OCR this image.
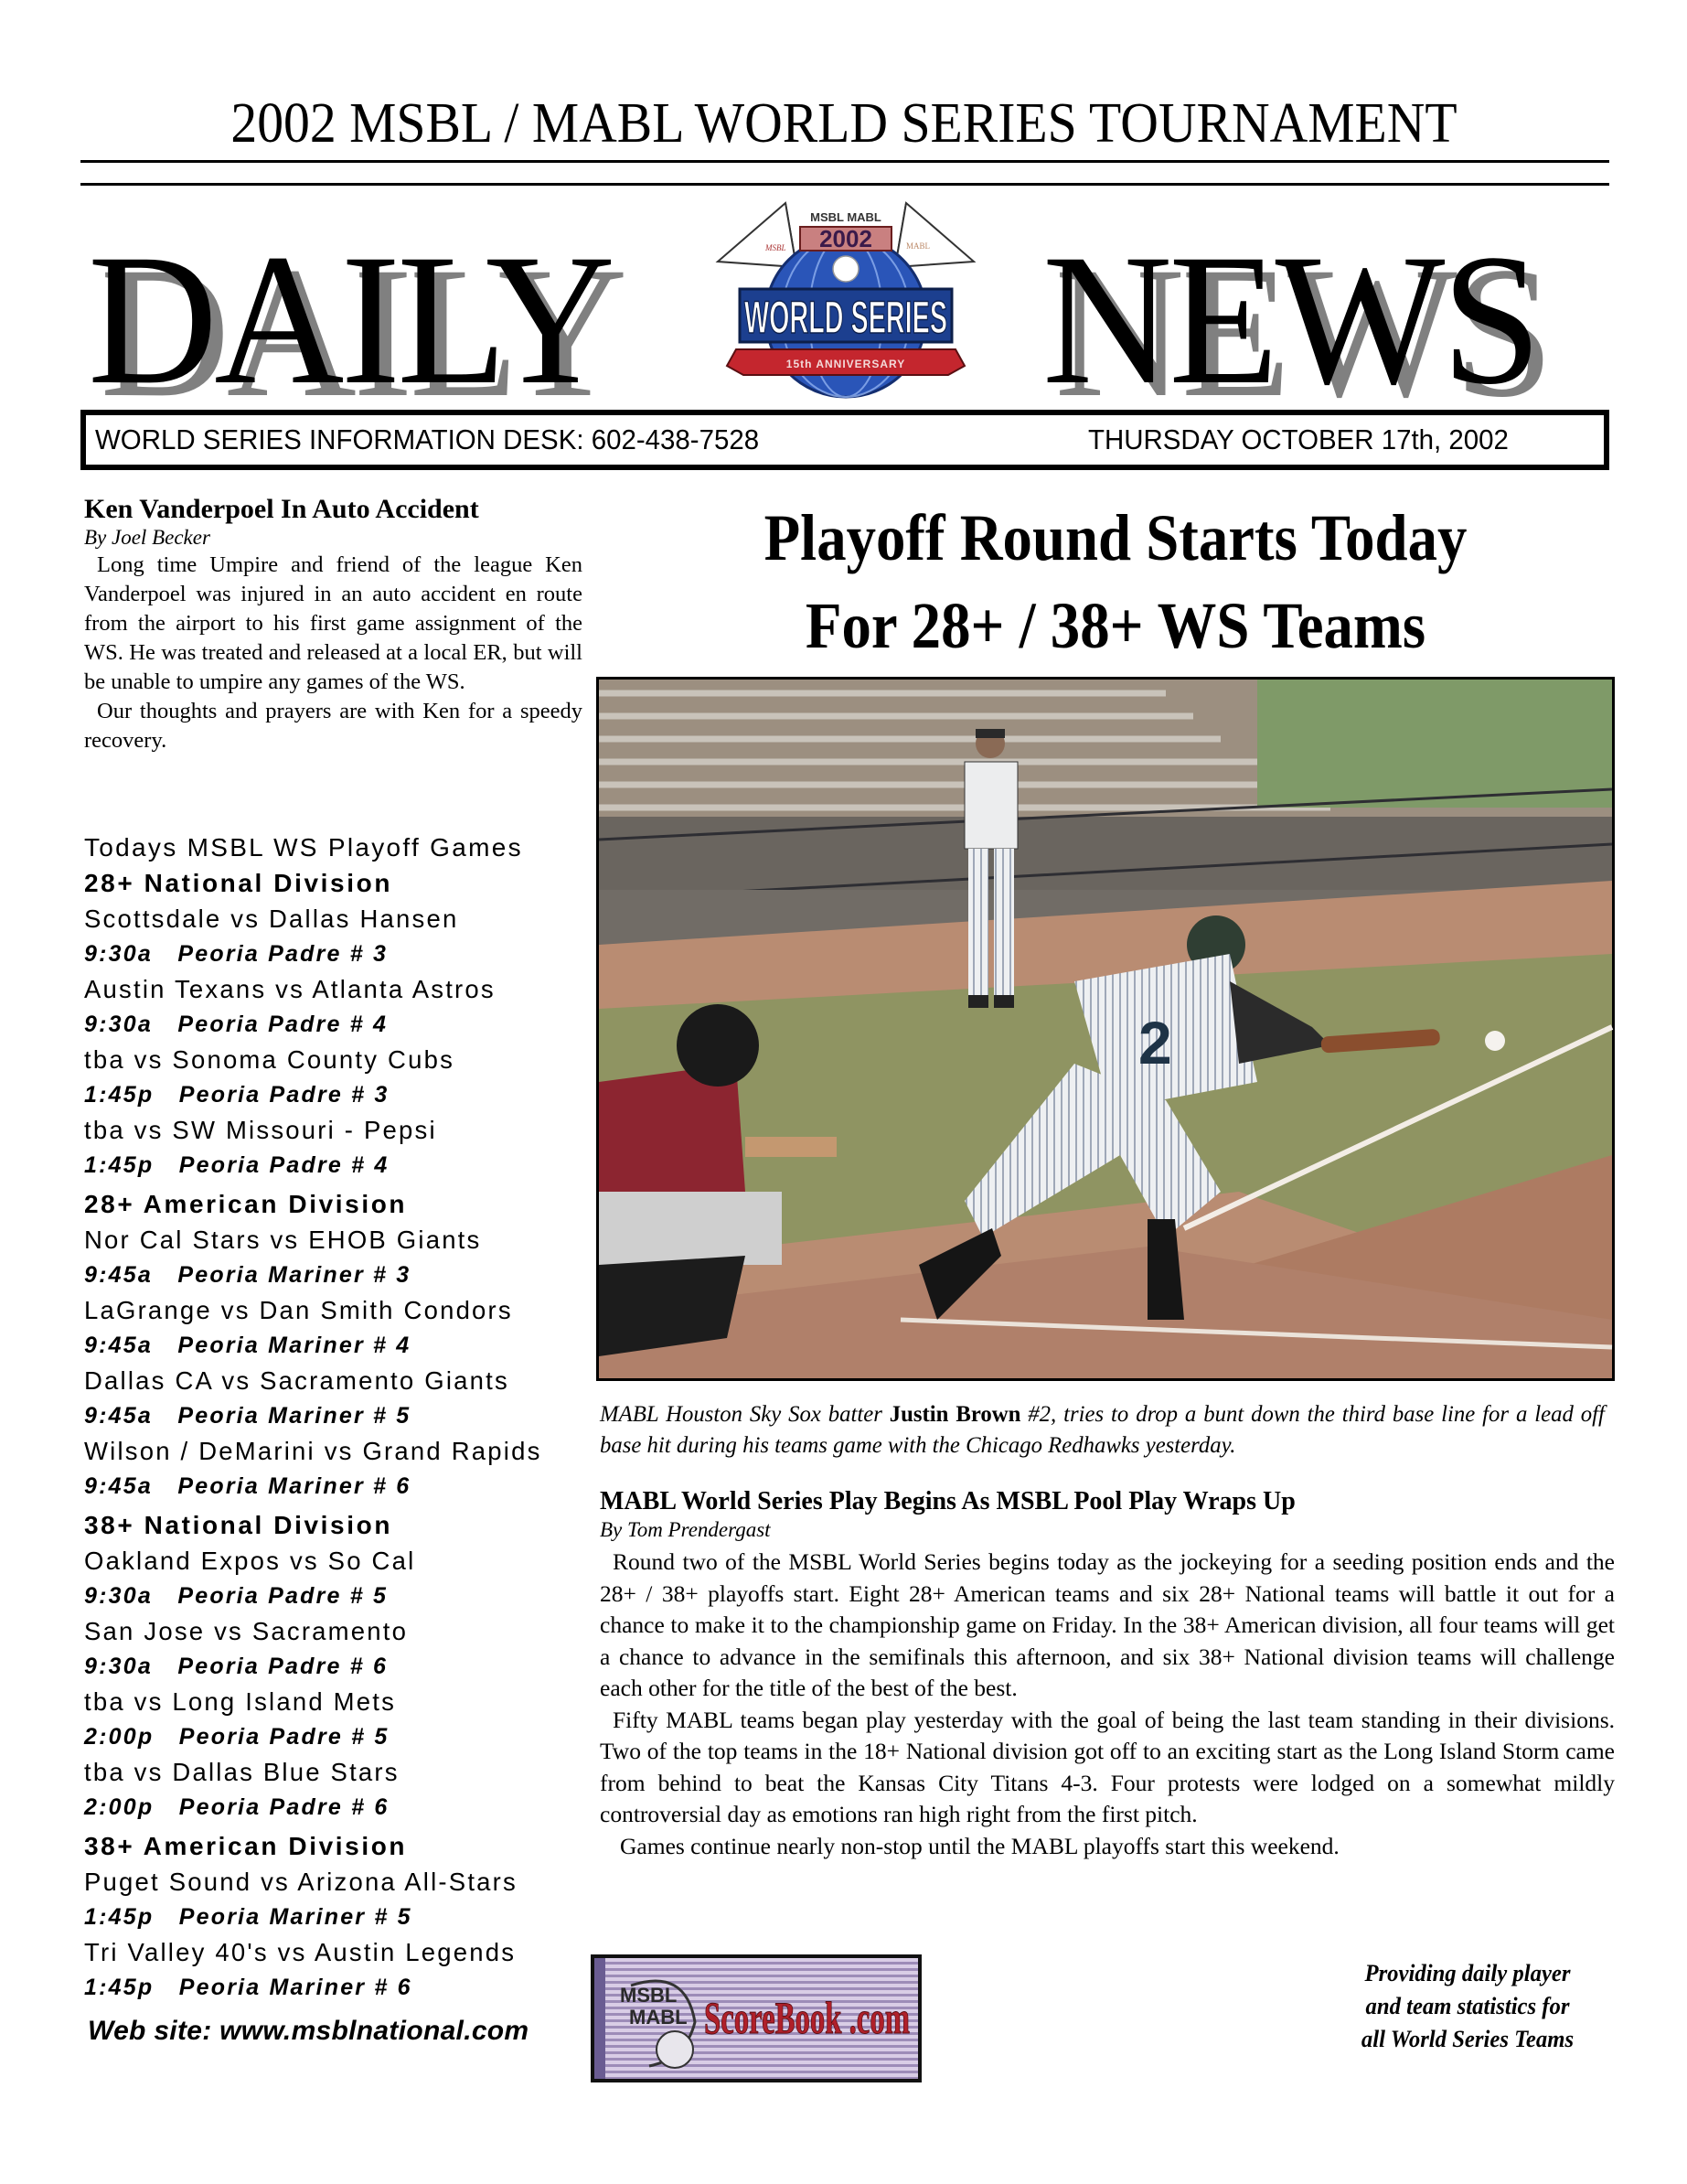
2002 MSBL / MABL WORLD SERIES TOURNAMENT
DAILY NEWS
MSBL	MABL
MSBL MABL
2002
WORLD SERIES
15th ANNIVERSARY
WORLD SERIES INFORMATION DESK: 602-438-7528	THURSDAY OCTOBER 17th, 2002
Ken Vanderpoel In Auto Accident
By Joel Becker

Long time Umpire and friend of the league Ken Vanderpoel was injured in an auto accident en route from the airport to his first game assignment of the WS. He was treated and released at a local ER, but will be unable to umpire any games of the WS.

Our thoughts and prayers are with Ken for a speedy recovery.

Todays MSBL WS Playoff Games
28+ National Division
Scottsdale vs Dallas Hansen
9:30a Peoria Padre # 3
Austin Texans vs Atlanta Astros
9:30a Peoria Padre # 4
tba vs Sonoma County Cubs
1:45p Peoria Padre # 3
tba vs SW Missouri - Pepsi
1:45p Peoria Padre # 4
28+ American Division
Nor Cal Stars vs EHOB Giants
9:45a Peoria Mariner # 3
LaGrange vs Dan Smith Condors
9:45a Peoria Mariner # 4
Dallas CA vs Sacramento Giants
9:45a Peoria Mariner # 5
Wilson / DeMarini vs Grand Rapids
9:45a Peoria Mariner # 6
38+ National Division
Oakland Expos vs So Cal
9:30a Peoria Padre # 5
San Jose vs Sacramento
9:30a Peoria Padre # 6
tba vs Long Island Mets
2:00p Peoria Padre # 5
tba vs Dallas Blue Stars
2:00p Peoria Padre # 6
38+ American Division
Puget Sound vs Arizona All-Stars
1:45p Peoria Mariner # 5
Tri Valley 40's vs Austin Legends
1:45p Peoria Mariner # 6
Web site: www.msblnational.com
Playoff Round Starts Today
For 28+ / 38+ WS Teams
2
MABL Houston Sky Sox batter Justin Brown #2, tries to drop a bunt down the third base line for a lead off base hit during his teams game with the Chicago Redhawks yesterday.
MABL World Series Play Begins As MSBL Pool Play Wraps Up
By Tom Prendergast

Round two of the MSBL World Series begins today as the jockeying for a seeding position ends and the 28+ / 38+ playoffs start. Eight 28+ American teams and six 28+ National teams will battle it out for a chance to make it to the championship game on Friday. In the 38+ American division, all four teams will get a chance to advance in the semifinals this afternoon, and six 38+ National division teams will challenge each other for the title of the best of the best.

Fifty MABL teams began play yesterday with the goal of being the last team standing in their divisions. Two of the top teams in the 18+ National division got off to an exciting start as the Long Island Storm came from behind to beat the Kansas City Titans 4-3. Four protests were lodged on a somewhat mildly controversial day as emotions ran high right from the first pitch.

Games continue nearly non-stop until the MABL playoffs start this weekend.

MSBL
MABL ScoreBook .com
Providing daily player
and team statistics for
all World Series Teams
